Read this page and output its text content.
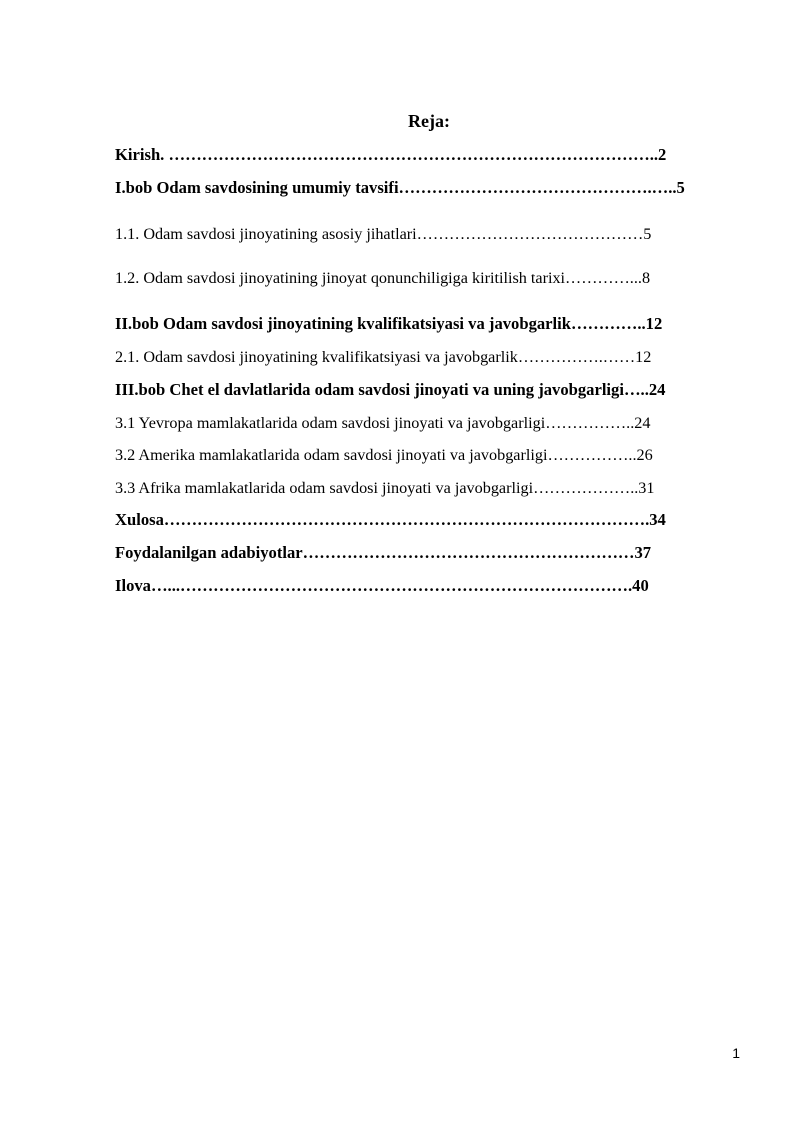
Reja:
Kirish. ……………………………………………………………………………..2
I.bob Odam savdosining umumiy tavsifi……………………………………….…..5
1.1. Odam savdosi jinoyatining asosiy jihatlari……………………………………5
1.2. Odam savdosi jinoyatining jinoyat qonunchiligiga kiritilish tarixi…………...8
II.bob Odam savdosi jinoyatining kvalifikatsiyasi va javobgarlik…………..12
2.1. Odam savdosi jinoyatining kvalifikatsiyasi va javobgarlik…………….……12
III.bob Chet el davlatlarida odam savdosi jinoyati va uning javobgarligi…..24
3.1 Yevropa mamlakatlarida odam savdosi jinoyati va javobgarligi……………..24
3.2 Amerika mamlakatlarida odam savdosi jinoyati va javobgarligi……………..26
3.3 Afrika mamlakatlarida odam savdosi jinoyati va javobgarligi………………..31
Xulosa…………………………………………………………………………….34
Foydalanilgan adabiyotlar……………………………………………………37
Ilova…...……………………………………………………………………….40
1
